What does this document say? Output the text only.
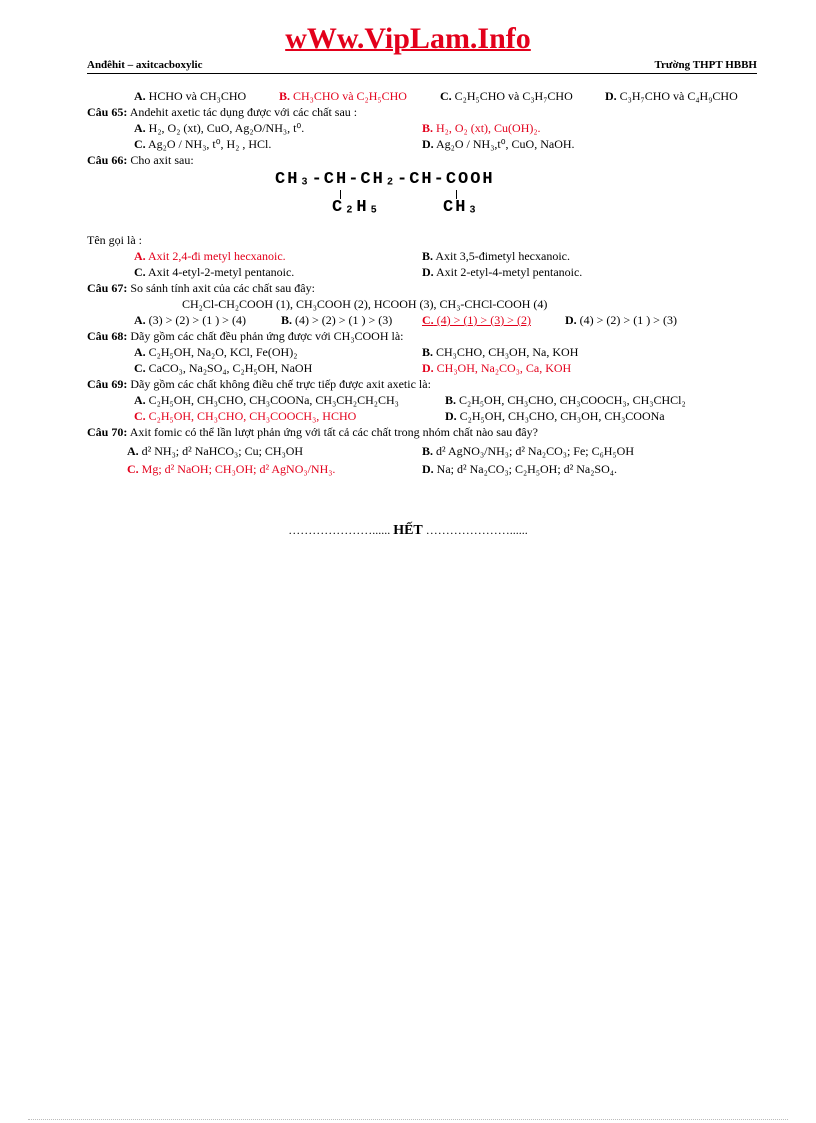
wWw.VipLam.Info
Anđêhit – axitcacboxylic	Trường THPT HBBH
A. HCHO và CH₃CHO	B. CH₃CHO và C₂H₅CHO	C. C₂H₅CHO và C₃H₇CHO	D. C₃H₇CHO và C₄H₉CHO
Câu 65: Andehit axetic tác dụng được với các chất sau :
A. H₂, O₂ (xt), CuO, Ag₂O/NH₃, t⁰.	B. H₂, O₂ (xt), Cu(OH)₂.
C. Ag₂O / NH₃, t⁰, H₂ , HCl.	D. Ag₂O / NH₃,t⁰, CuO, NaOH.
Câu 66: Cho axit sau:
CH₃-CH-CH₂-CH-COOH
C₂H₅	CH₃
Tên gọi là :
A. Axit 2,4-đi metyl hecxanoic.	B. Axit 3,5-đimetyl hecxanoic.
C. Axit 4-etyl-2-metyl pentanoic.	D. Axit 2-etyl-4-metyl pentanoic.
Câu 67: So sánh tính axit của các chất sau đây:
CH₂Cl-CH₂COOH (1), CH₃COOH (2), HCOOH (3), CH₃-CHCl-COOH (4)
A. (3) > (2) > (1 ) > (4)	B. (4) > (2) > (1 ) > (3) C. (4) > (1) > (3) > (2)	D. (4) > (2) > (1 ) > (3)
Câu 68: Dãy gồm các chất đều phản ứng được với CH₃COOH là:
A. C₂H₅OH, Na₂O, KCl, Fe(OH)₂	B. CH₃CHO, CH₃OH, Na, KOH
C. CaCO₃, Na₂SO₄, C₂H₅OH, NaOH	D. CH₃OH, Na₂CO₃, Ca, KOH
Câu 69: Dãy gồm các chất không điều chế trực tiếp được axit axetic là:
A. C₂H₅OH, CH₃CHO, CH₃COONa, CH₃CH₂CH₂CH₃	B. C₂H₅OH, CH₃CHO, CH₃COOCH₃, CH₃CHCl₂
C. C₂H₅OH, CH₃CHO, CH₃COOCH₃, HCHO	D. C₂H₅OH, CH₃CHO, CH₃OH, CH₃COONa
Câu 70: Axit fomic có thể lần lượt phản ứng với tất cả các chất trong nhóm chất nào sau đây?
A. d² NH₃; d² NaHCO₃; Cu; CH₃OH	B. d² AgNO₃/NH₃; d² Na₂CO₃; Fe; C₆H₅OH
C. Mg; d² NaOH; CH₃OH; d² AgNO₃/NH₃.	D. Na; d² Na₂CO₃; C₂H₅OH; d² Na₂SO₄.
…………………...... HẾT …………………......
